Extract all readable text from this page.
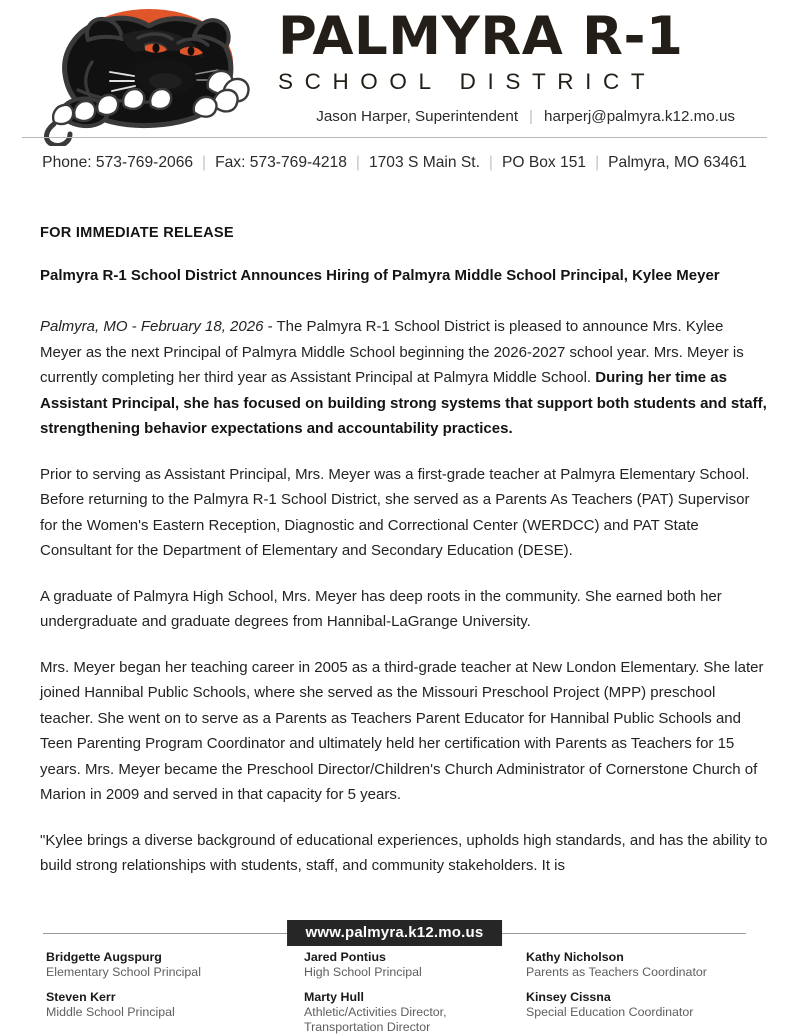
PALMYRA R-1
SCHOOL DISTRICT
Jason Harper, Superintendent | harperj@palmyra.k12.mo.us
Phone: 573-769-2066 | Fax: 573-769-4218 | 1703 S Main St. | PO Box 151 | Palmyra, MO 63461
FOR IMMEDIATE RELEASE
Palmyra R-1 School District Announces Hiring of Palmyra Middle School Principal, Kylee Meyer

Palmyra, MO - February 18, 2026 - The Palmyra R-1 School District is pleased to announce Mrs. Kylee Meyer as the next Principal of Palmyra Middle School beginning the 2026-2027 school year. Mrs. Meyer is currently completing her third year as Assistant Principal at Palmyra Middle School. During her time as Assistant Principal, she has focused on building strong systems that support both students and staff, strengthening behavior expectations and accountability practices.

Prior to serving as Assistant Principal, Mrs. Meyer was a first-grade teacher at Palmyra Elementary School. Before returning to the Palmyra R-1 School District, she served as a Parents As Teachers (PAT) Supervisor for the Women's Eastern Reception, Diagnostic and Correctional Center (WERDCC) and PAT State Consultant for the Department of Elementary and Secondary Education (DESE).

A graduate of Palmyra High School, Mrs. Meyer has deep roots in the community. She earned both her undergraduate and graduate degrees from Hannibal-LaGrange University.

Mrs. Meyer began her teaching career in 2005 as a third-grade teacher at New London Elementary. She later joined Hannibal Public Schools, where she served as the Missouri Preschool Project (MPP) preschool teacher. She went on to serve as a Parents as Teachers Parent Educator for Hannibal Public Schools and Teen Parenting Program Coordinator and ultimately held her certification with Parents as Teachers for 15 years. Mrs. Meyer became the Preschool Director/Children's Church Administrator of Cornerstone Church of Marion in 2009 and served in that capacity for 5 years.

"Kylee brings a diverse background of educational experiences, upholds high standards, and has the ability to build strong relationships with students, staff, and community stakeholders. It is

www.palmyra.k12.mo.us
Bridgette Augspurg
Elementary School Principal
Steven Kerr
Middle School Principal
Jared Pontius
High School Principal
Marty Hull
Athletic/Activities Director, Transportation Director
Kathy Nicholson
Parents as Teachers Coordinator
Kinsey Cissna
Special Education Coordinator
